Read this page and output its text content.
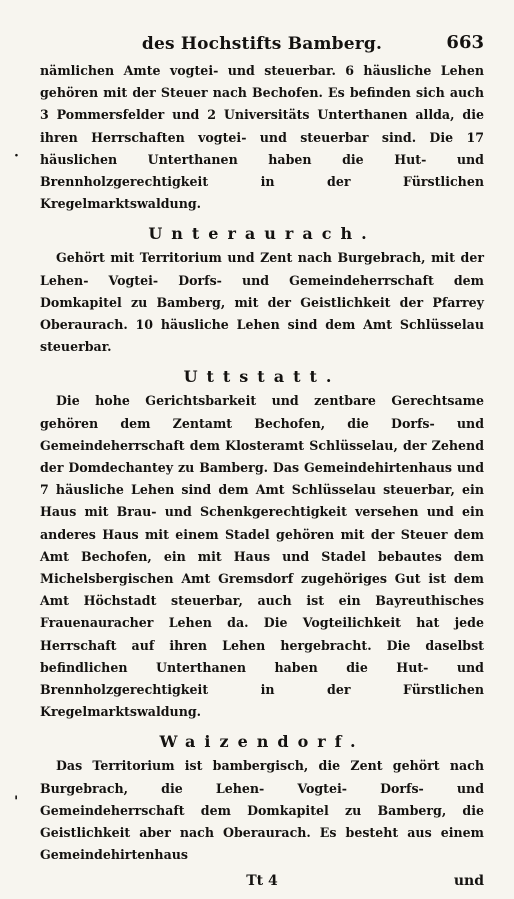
des Hochstifts Bamberg.	663

nämlichen Amte vogtei- und steuerbar. 6 häusliche Lehen gehören mit der Steuer nach Bechofen. Es befinden sich auch 3 Pommersfelder und 2 Universitäts Unterthanen allda, die ihren Herrschaften vogtei- und steuerbar sind. Die 17 häuslichen Unterthanen haben die Hut- und Brennholzgerechtigkeit in der Fürstlichen Kregelmarktswaldung.

Unteraurach.

Gehört mit Territorium und Zent nach Burgebrach, mit der Lehen- Vogtei- Dorfs- und Gemeindeherrschaft dem Domkapitel zu Bamberg, mit der Geistlichkeit der Pfarrey Oberaurach. 10 häusliche Lehen sind dem Amt Schlüsselau steuerbar.

Uttstatt.

Die hohe Gerichtsbarkeit und zentbare Gerechtsame gehören dem Zentamt Bechofen, die Dorfs- und Gemeindeherrschaft dem Klosteramt Schlüsselau, der Zehend der Domdechantey zu Bamberg. Das Gemeindehirtenhaus und 7 häusliche Lehen sind dem Amt Schlüsselau steuerbar, ein Haus mit Brau- und Schenkgerechtigkeit versehen und ein anderes Haus mit einem Stadel gehören mit der Steuer dem Amt Bechofen, ein mit Haus und Stadel bebautes dem Michelsbergischen Amt Gremsdorf zugehöriges Gut ist dem Amt Höchstadt steuerbar, auch ist ein Bayreuthisches Frauenauracher Lehen da. Die Vogteilichkeit hat jede Herrschaft auf ihren Lehen hergebracht. Die daselbst befindlichen Unterthanen haben die Hut- und Brennholzgerechtigkeit in der Fürstlichen Kregelmarktswaldung.

Waizendorf.

Das Territorium ist bambergisch, die Zent gehört nach Burgebrach, die Lehen- Vogtei- Dorfs- und Gemeindeherrschaft dem Domkapitel zu Bamberg, die Geistlichkeit aber nach Oberaurach. Es besteht aus einem Gemeindehirtenhaus

Tt 4	und
·
'
